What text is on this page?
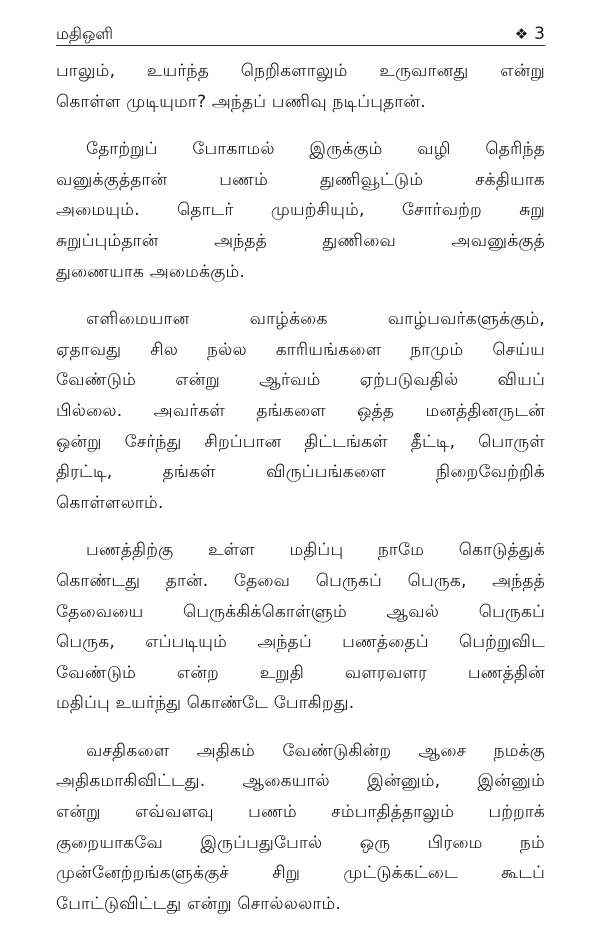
மதிஒளி	❖ 3
பாலும், உயர்ந்த நெறிகளாலும் உருவானது என்று
கொள்ள முடியுமா? அந்தப் பணிவு நடிப்புதான்.
தோற்றுப் போகாமல் இருக்கும் வழி தெரிந்த
வனுக்குத்தான் பணம் துணிவூட்டும் சக்தியாக
அமையும். தொடர் முயற்சியும், சோர்வற்ற சுறு
சுறுப்பும்தான் அந்தத் துணிவை அவனுக்குத்
துணையாக அமைக்கும்.
எளிமையான வாழ்க்கை வாழ்பவர்களுக்கும்,
ஏதாவது சில நல்ல காரியங்களை நாமும் செய்ய
வேண்டும் என்று ஆர்வம் ஏற்படுவதில் வியப்
பில்லை. அவர்கள் தங்களை ஒத்த மனத்தினருடன்
ஒன்று சேர்ந்து சிறப்பான திட்டங்கள் தீட்டி, பொருள்
திரட்டி, தங்கள் விருப்பங்களை நிறைவேற்றிக்
கொள்ளலாம்.
பணத்திற்கு உள்ள மதிப்பு நாமே கொடுத்துக்
கொண்டது தான். தேவை பெருகப் பெருக, அந்தத்
தேவையை பெருக்கிக்கொள்ளும் ஆவல் பெருகப்
பெருக, எப்படியும் அந்தப் பணத்தைப் பெற்றுவிட
வேண்டும் என்ற உறுதி வளரவளர பணத்தின்
மதிப்பு உயர்ந்து கொண்டே போகிறது.
வசதிகளை அதிகம் வேண்டுகின்ற ஆசை நமக்கு
அதிகமாகிவிட்டது. ஆகையால் இன்னும், இன்னும்
என்று எவ்வளவு பணம் சம்பாதித்தாலும் பற்றாக்
குறையாகவே இருப்பதுபோல் ஒரு பிரமை நம்
முன்னேற்றங்களுக்குச் சிறு முட்டுக்கட்டை கூடப்
போட்டுவிட்டது என்று சொல்லலாம்.
